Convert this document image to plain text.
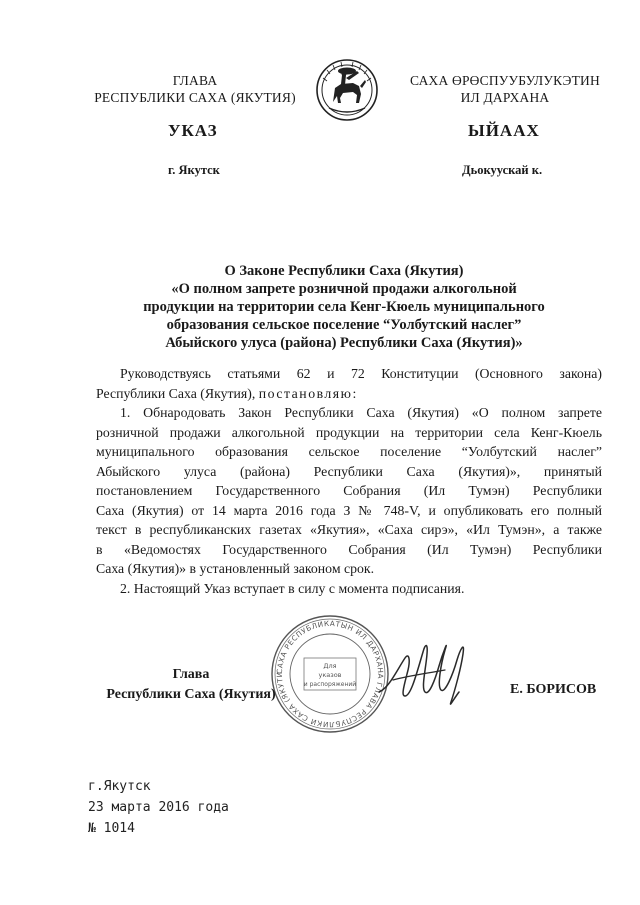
ГЛАВА
РЕСПУБЛИКИ САХА (ЯКУТИЯ)
САХА ӨРӨСПУУБУЛУКЭТИН
ИЛ ДАРХАНА
УКАЗ	ЫЙААХ
г. Якутск	Дьокуускай к.
О Законе Республики Саха (Якутия)
«О полном запрете розничной продажи алкогольной
продукции на территории села Кенг-Кюель муниципального
образования сельское поселение “Уолбутский наслег”
Абыйского улуса (района) Республики Саха (Якутия)»

Руководствуясь статьями 62 и 72 Конституции (Основного закона)

Республики Саха (Якутия), постановляю:

1. Обнародовать Закон Республики Саха (Якутия) «О полном запрете

розничной продажи алкогольной продукции на территории села Кенг-Кюель

муниципального образования сельское поселение “Уолбутский наслег”

Абыйского улуса (района) Республики Саха (Якутия)», принятый

постановлением Государственного Собрания (Ил Тумэн) Республики

Саха (Якутия) от 14 марта 2016 года З № 748-V, и опубликовать его полный

текст в республиканских газетах «Якутия», «Саха сирэ», «Ил Тумэн», а также

в «Ведомостях Государственного Собрания (Ил Тумэн) Республики

Саха (Якутия)» в установленный законом срок.

2. Настоящий Указ вступает в силу с момента подписания.

САХА РЕСПУБЛИКАТЫН ИЛ ДАРХАНА ГЛАВА РЕСПУБЛИКИ САХА (ЯКУТИ
Для
указов
и распоряжений
Глава
Республики Саха (Якутия)	Е. БОРИСОВ
г.Якутск
23 марта 2016 года
№ 1014
